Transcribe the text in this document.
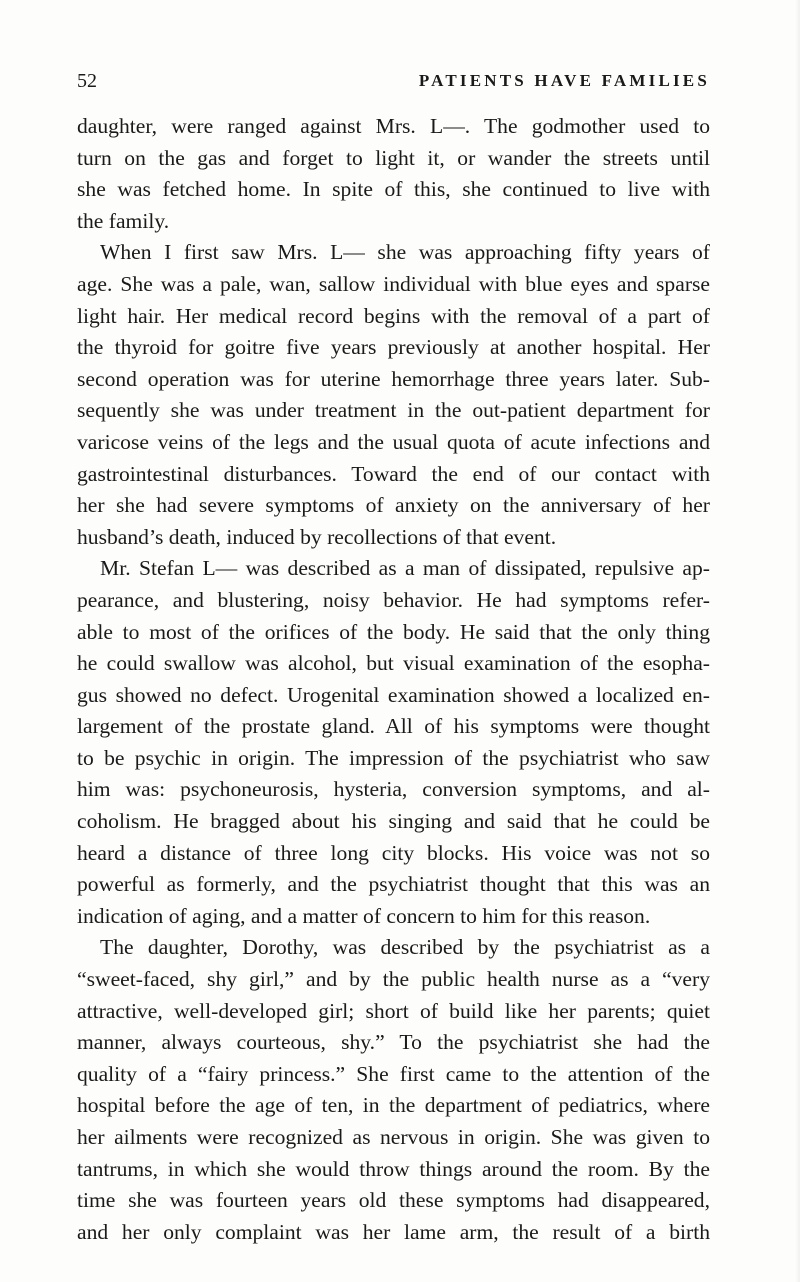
52	PATIENTS HAVE FAMILIES
daughter, were ranged against Mrs. L—. The godmother used to
turn on the gas and forget to light it, or wander the streets until
she was fetched home. In spite of this, she continued to live with
the family.
When I first saw Mrs. L— she was approaching fifty years of
age. She was a pale, wan, sallow individual with blue eyes and sparse
light hair. Her medical record begins with the removal of a part of
the thyroid for goitre five years previously at another hospital. Her
second operation was for uterine hemorrhage three years later. Sub-
sequently she was under treatment in the out-patient department for
varicose veins of the legs and the usual quota of acute infections and
gastrointestinal disturbances. Toward the end of our contact with
her she had severe symptoms of anxiety on the anniversary of her
husband’s death, induced by recollections of that event.
Mr. Stefan L— was described as a man of dissipated, repulsive ap-
pearance, and blustering, noisy behavior. He had symptoms refer-
able to most of the orifices of the body. He said that the only thing
he could swallow was alcohol, but visual examination of the esopha-
gus showed no defect. Urogenital examination showed a localized en-
largement of the prostate gland. All of his symptoms were thought
to be psychic in origin. The impression of the psychiatrist who saw
him was: psychoneurosis, hysteria, conversion symptoms, and al-
coholism. He bragged about his singing and said that he could be
heard a distance of three long city blocks. His voice was not so
powerful as formerly, and the psychiatrist thought that this was an
indication of aging, and a matter of concern to him for this reason.
The daughter, Dorothy, was described by the psychiatrist as a
“sweet-faced, shy girl,” and by the public health nurse as a “very
attractive, well-developed girl; short of build like her parents; quiet
manner, always courteous, shy.” To the psychiatrist she had the
quality of a “fairy princess.” She first came to the attention of the
hospital before the age of ten, in the department of pediatrics, where
her ailments were recognized as nervous in origin. She was given to
tantrums, in which she would throw things around the room. By the
time she was fourteen years old these symptoms had disappeared,
and her only complaint was her lame arm, the result of a birth
